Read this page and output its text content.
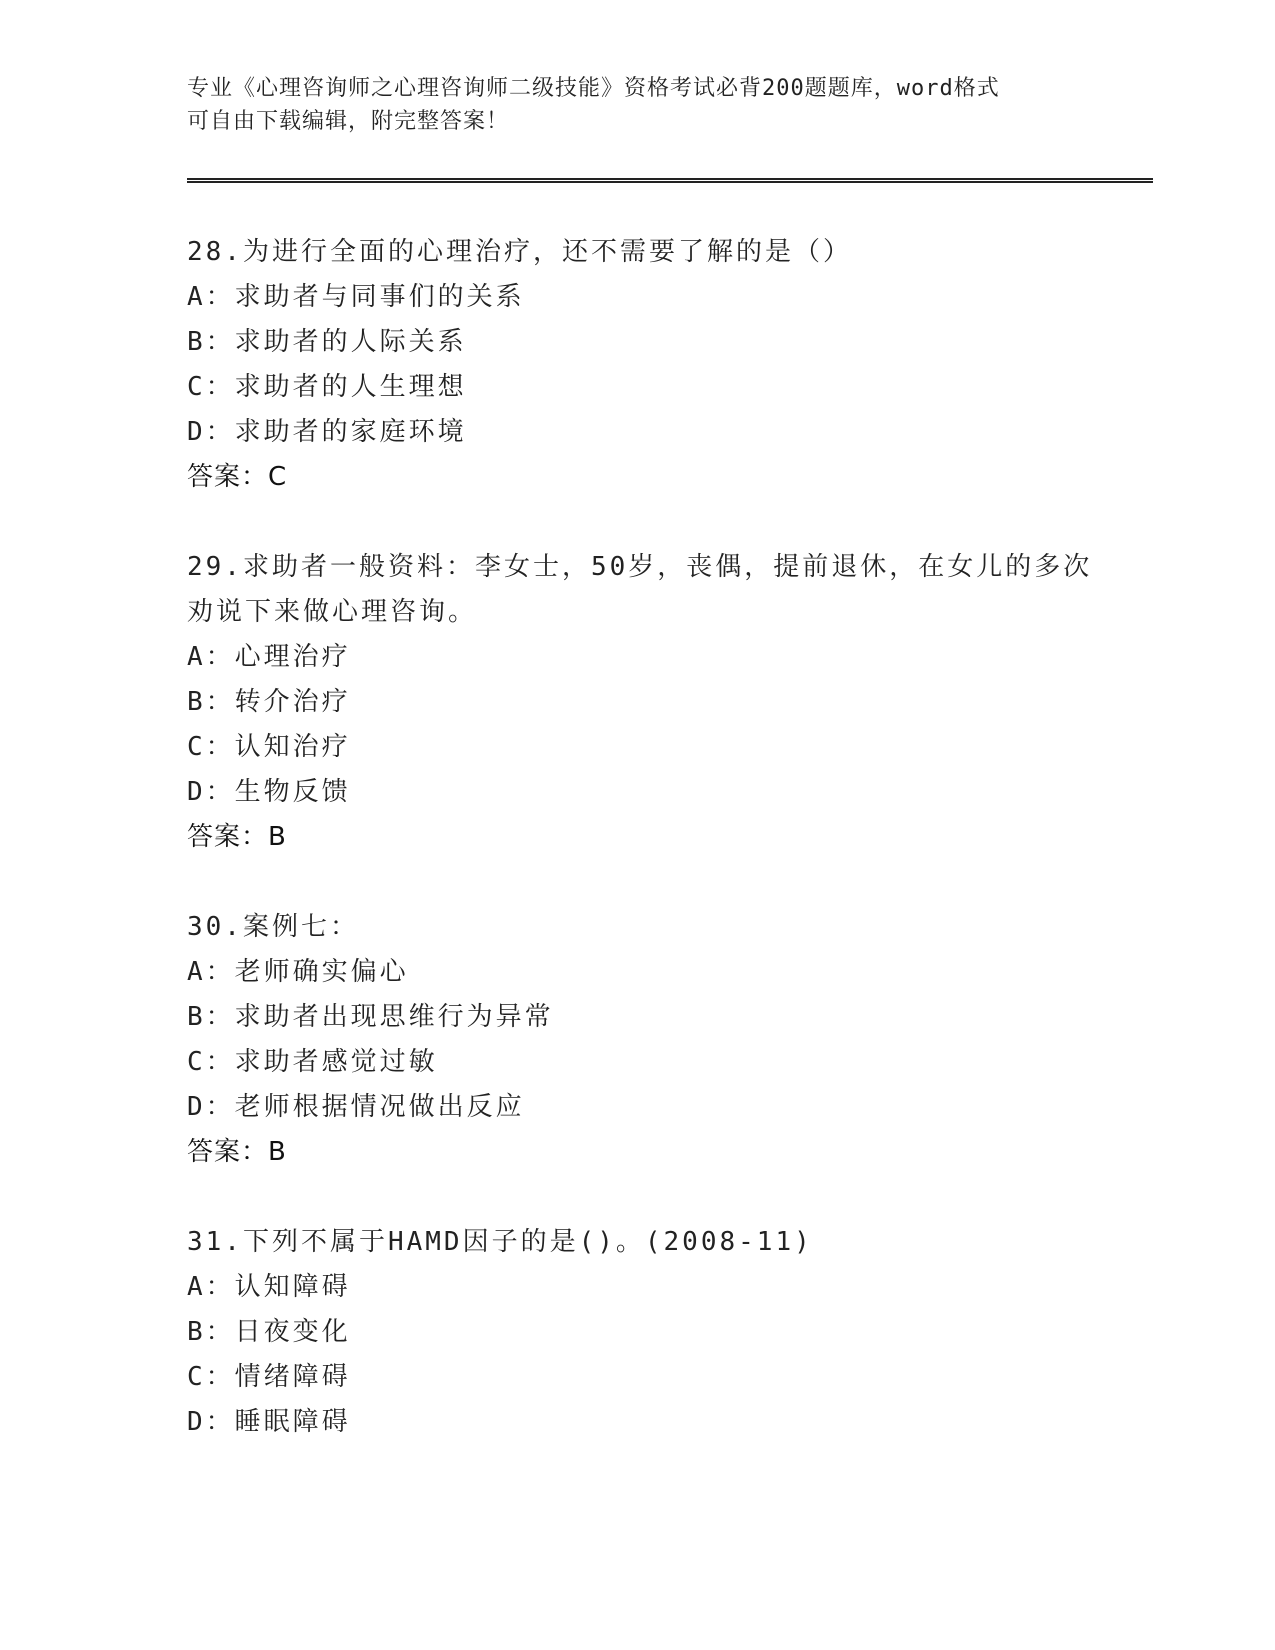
专业《心理咨询师之心理咨询师二级技能》资格考试必背200题题库，word格式
可自由下载编辑，附完整答案！
28.为进行全面的心理治疗，还不需要了解的是（）
A：求助者与同事们的关系
B：求助者的人际关系
C：求助者的人生理想
D：求助者的家庭环境
答案：C
29.求助者一般资料：李女士，50岁，丧偶，提前退休，在女儿的多次
劝说下来做心理咨询。
A：心理治疗
B：转介治疗
C：认知治疗
D：生物反馈
答案：B
30.案例七：
A：老师确实偏心
B：求助者出现思维行为异常
C：求助者感觉过敏
D：老师根据情况做出反应
答案：B
31.下列不属于HAMD因子的是()。(2008-11)
A：认知障碍
B：日夜变化
C：情绪障碍
D：睡眠障碍
